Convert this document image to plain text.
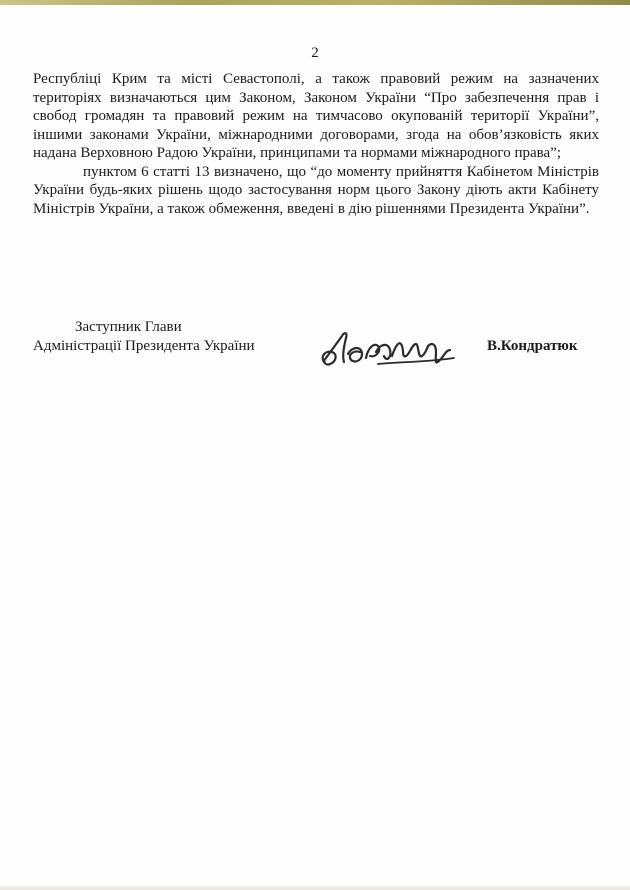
2

Республіці Крим та місті Севастополі, а також правовий режим на зазначених територіях визначаються цим Законом, Законом України “Про забезпечення прав і свобод громадян та правовий режим на тимчасово окупованій території України”, іншими законами України, міжнародними договорами, згода на обов’язковість яких надана Верховною Радою України, принципами та нормами міжнародного права”;

пунктом 6 статті 13 визначено, що “до моменту прийняття Кабінетом Міністрів України будь-яких рішень щодо застосування норм цього Закону діють акти Кабінету Міністрів України, а також обмеження, введені в дію рішеннями Президента України”.

Заступник Глави
Адміністрації Президента України	В.Кондратюк
